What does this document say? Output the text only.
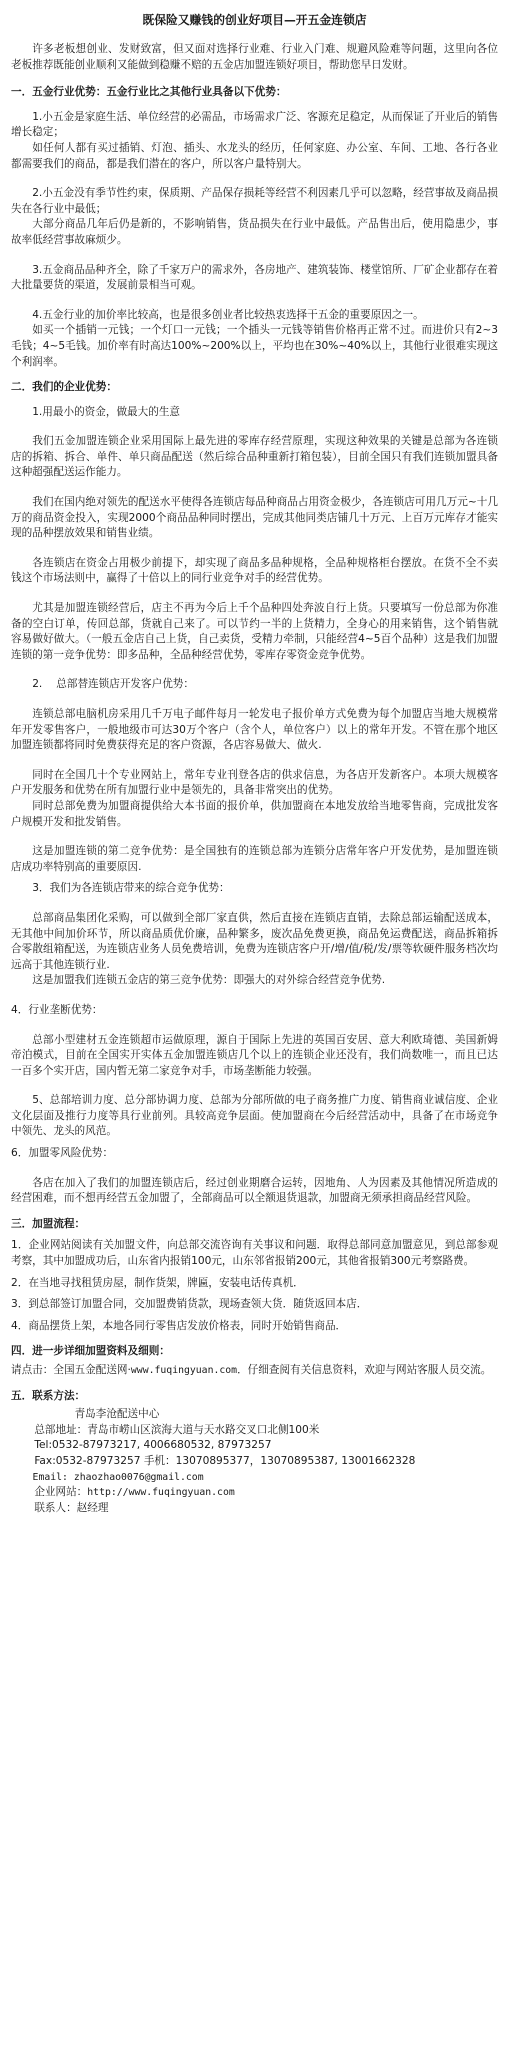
既保险又赚钱的创业好项目—开五金连锁店

许多老板想创业、发财致富，但又面对选择行业难、行业入门难、规避风险难等问题，这里向各位老板推荐既能创业顺利又能做到稳赚不赔的五金店加盟连锁好项目，帮助您早日发财。

一．五金行业优势：五金行业比之其他行业具备以下优势：

1.小五金是家庭生活、单位经营的必需品，市场需求广泛、客源充足稳定，从而保证了开业后的销售增长稳定；

如任何人都有买过插销、灯泡、插头、水龙头的经历，任何家庭、办公室、车间、工地、各行各业都需要我们的商品，都是我们潜在的客户，所以客户量特别大。

2.小五金没有季节性约束，保质期、产品保存损耗等经营不利因素几乎可以忽略，经营事故及商品损失在各行业中最低；

大部分商品几年后仍是新的，不影响销售，货品损失在行业中最低。产品售出后，使用隐患少，事故率低经营事故麻烦少。

3.五金商品品种齐全，除了千家万户的需求外，各房地产、建筑装饰、楼堂馆所、厂矿企业都存在着大批量要货的渠道，发展前景相当可观。

4.五金行业的加价率比较高，也是很多创业者比较热衷选择干五金的重要原因之一。

如买一个插销一元钱；一个灯口一元钱；一个插头一元钱等销售价格再正常不过。而进价只有2~3毛钱；4~5毛钱。加价率有时高达100%~200%以上，平均也在30%~40%以上，其他行业很难实现这个利润率。

二．我们的企业优势：

1.用最小的资金，做最大的生意

我们五金加盟连锁企业采用国际上最先进的零库存经营原理，实现这种效果的关键是总部为各连锁店的拆箱、拆合、单件、单只商品配送（然后综合品种重新打箱包装），目前全国只有我们连锁加盟具备这种超强配送运作能力。

我们在国内绝对领先的配送水平使得各连锁店每品种商品占用资金极少，各连锁店可用几万元~十几万的商品资金投入，实现2000个商品品种同时摆出，完成其他同类店铺几十万元、上百万元库存才能实现的品种摆放效果和销售业绩。

各连锁店在资金占用极少前提下，却实现了商品多品种规格，全品种规格柜台摆放。在货不全不卖钱这个市场法则中，赢得了十倍以上的同行业竞争对手的经营优势。

尤其是加盟连锁经营后，店主不再为今后上千个品种四处奔波自行上货。只要填写一份总部为你准备的空白订单，传回总部，货就自己来了。可以节约一半的上货精力，全身心的用来销售，这个销售就容易做好做大。（一般五金店自己上货，自己卖货，受精力牵制，只能经营4~5百个品种）这是我们加盟连锁的第一竞争优势：即多品种，全品种经营优势，零库存零资金竞争优势。

2.　 总部替连锁店开发客户优势：

连锁总部电脑机房采用几千万电子邮件每月一轮发电子报价单方式免费为每个加盟店当地大规模常年开发零售客户，一般地级市可达30万个客户（含个人，单位客户）以上的常年开发。不管在那个地区加盟连锁都将同时免费获得充足的客户资源，各店容易做大、做火.

同时在全国几十个专业网站上，常年专业刊登各店的供求信息，为各店开发新客户。本项大规模客户开发服务和优势在所有加盟行业中是领先的，具备非常突出的优势。

同时总部免费为加盟商提供给大本书面的报价单，供加盟商在本地发放给当地零售商，完成批发客户规模开发和批发销售。

这是加盟连锁的第二竞争优势：是全国独有的连锁总部为连锁分店常年客户开发优势，是加盟连锁店成功率特别高的重要原因.

3．我们为各连锁店带来的综合竞争优势：

总部商品集团化采购，可以做到全部厂家直供，然后直接在连锁店直销，去除总部运输配送成本，无其他中间加价环节，所以商品质优价廉，品种繁多，废次品免费更换，商品免运费配送，商品拆箱拆合零散组箱配送，为连锁店业务人员免费培训，免费为连锁店客户开/增/值/税/发/票等软硬件服务档次均远高于其他连锁行业.

这是加盟我们连锁五金店的第三竞争优势：即强大的对外综合经营竞争优势.

4．行业垄断优势：

总部小型建材五金连锁超市运做原理，源自于国际上先进的英国百安居、意大利欧琦德、美国新姆帝泊模式，目前在全国实开实体五金加盟连锁店几个以上的连锁企业还没有，我们尚数唯一，而且已达一百多个实开店，国内暂无第二家竞争对手，市场垄断能力较强。

5、总部培训力度、总分部协调力度、总部为分部所做的电子商务推广力度、销售商业诚信度、企业文化层面及推行力度等具行业前列。具较高竞争层面。使加盟商在今后经营活动中，具备了在市场竞争中领先、龙头的风范。

6．加盟零风险优势：

各店在加入了我们的加盟连锁店后，经过创业期磨合运转，因地角、人为因素及其他情况所造成的经营困难，而不想再经营五金加盟了，全部商品可以全额退货退款，加盟商无须承担商品经营风险。

三．加盟流程：

1．企业网站阅读有关加盟文件，向总部交流咨询有关事议和问题．取得总部同意加盟意见，到总部参观考察，其中加盟成功后，山东省内报销100元，山东邻省报销200元，其他省报销300元考察路费。

2．在当地寻找租赁房屋，制作货架，牌匾，安装电话传真机．

3．到总部签订加盟合同，交加盟费销货款，现场查领大货．随货返回本店．

4．商品摆货上架，本地各同行零售店发放价格表，同时开始销售商品．

四．进一步详细加盟资料及细则：

请点击：全国五金配送网·www.fuqingyuan.com．仔细查阅有关信息资料，欢迎与网站客服人员交流。

五．联系方法：

青岛李沧配送中心

总部地址：青岛市崂山区滨海大道与天水路交叉口北侧100米

Tel:0532-87973217, 4006680532, 87973257

Fax:0532-87973257 手机：13070895377，13070895387, 13001662328

Email: zhaozhao0076@gmail.com

企业网站：http://www.fuqingyuan.com

联系人：赵经理
